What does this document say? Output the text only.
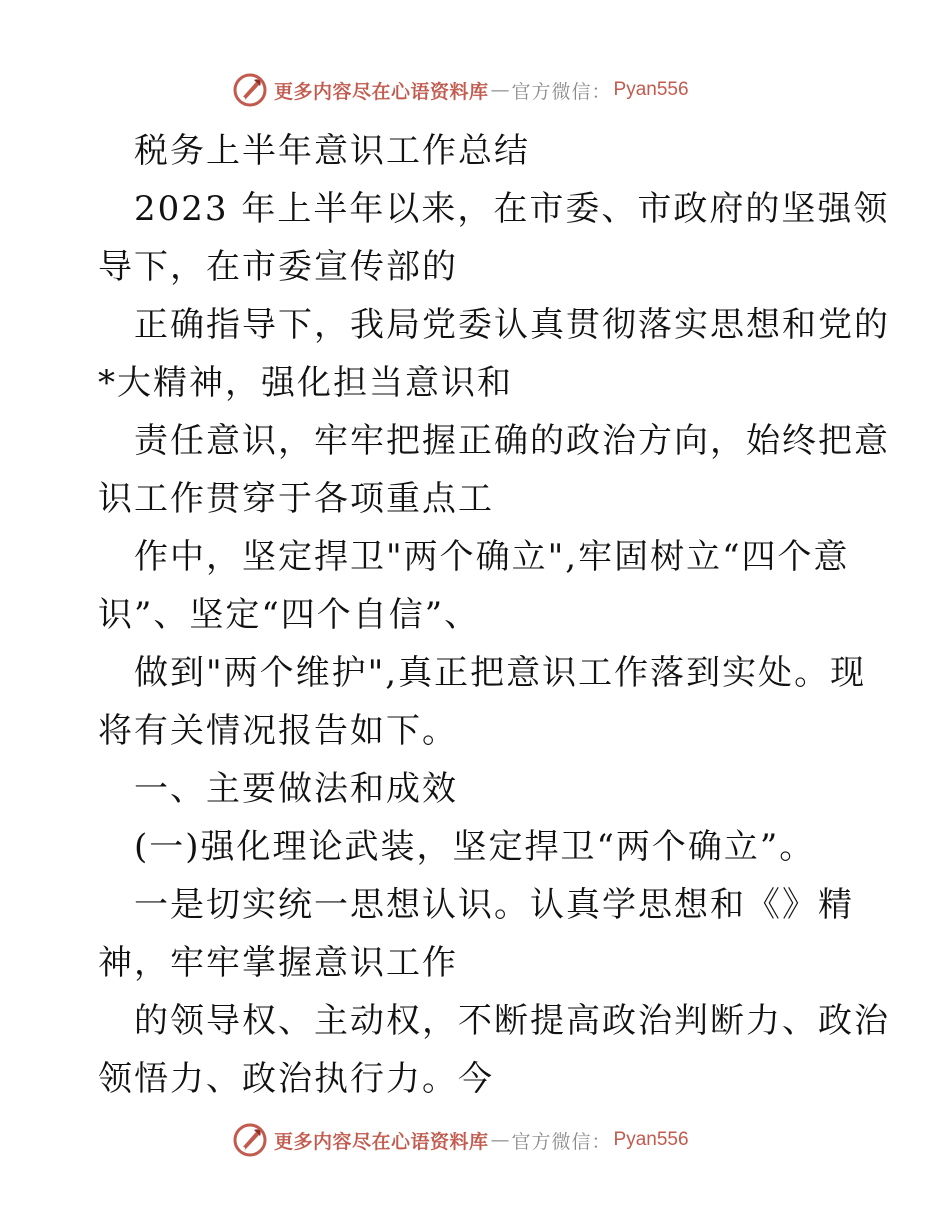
更多内容尽在心语资料库 — 官方微信： Pyan556
税务上半年意识工作总结
2023 年上半年以来，在市委、市政府的坚强领
导下，在市委宣传部的
正确指导下，我局党委认真贯彻落实思想和党的
*大精神，强化担当意识和
责任意识，牢牢把握正确的政治方向，始终把意
识工作贯穿于各项重点工
作中，坚定捍卫"两个确立",牢固树立“四个意
识”、坚定“四个自信”、
做到"两个维护",真正把意识工作落到实处。现
将有关情况报告如下。
一、主要做法和成效
(一)强化理论武装，坚定捍卫“两个确立”。
一是切实统一思想认识。认真学思想和《》精
神，牢牢掌握意识工作
的领导权、主动权，不断提高政治判断力、政治
领悟力、政治执行力。今
更多内容尽在心语资料库 — 官方微信： Pyan556
